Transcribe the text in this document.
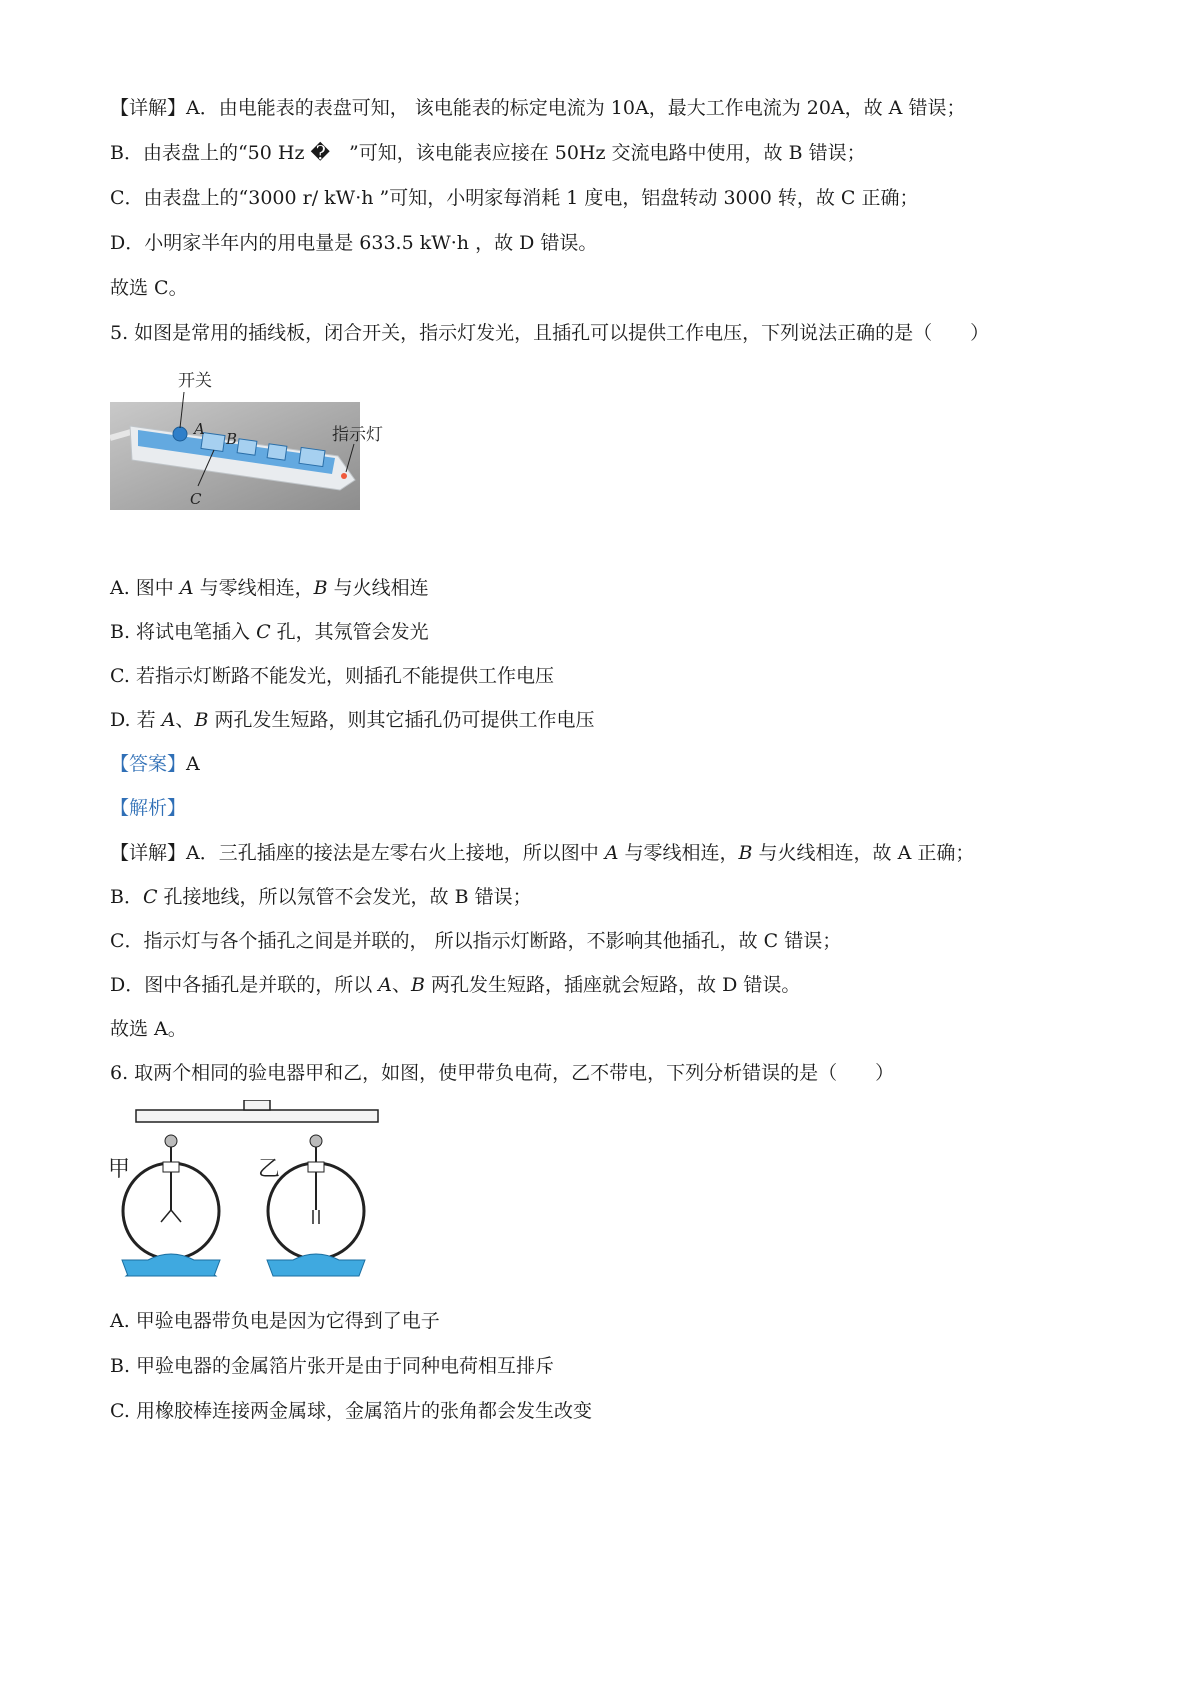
【详解】A．由电能表的表盘可知， 该电能表的标定电流为 10A，最大工作电流为 20A，故 A 错误；
B．由表盘上的“50 Hz �　”可知，该电能表应接在 50Hz 交流电路中使用，故 B 错误；
C．由表盘上的“3000 r/ kW·h ”可知，小明家每消耗 1 度电，铝盘转动 3000 转，故 C 正确；
D．小明家半年内的用电量是 633.5 kW·h ，故 D 错误。
故选 C。
5. 如图是常用的插线板，闭合开关，指示灯发光，且插孔可以提供工作电压，下列说法正确的是（　　）
开关
指示灯
A
B
C
A. 图中 A 与零线相连，B 与火线相连
B. 将试电笔插入 C 孔，其氖管会发光
C. 若指示灯断路不能发光，则插孔不能提供工作电压
D. 若 A、B 两孔发生短路，则其它插孔仍可提供工作电压
【答案】A
【解析】
【详解】A．三孔插座的接法是左零右火上接地，所以图中 A 与零线相连，B 与火线相连，故 A 正确；
B．C 孔接地线，所以氖管不会发光，故 B 错误；
C．指示灯与各个插孔之间是并联的， 所以指示灯断路，不影响其他插孔，故 C 错误；
D．图中各插孔是并联的，所以 A、B 两孔发生短路，插座就会短路，故 D 错误。
故选 A。
6. 取两个相同的验电器甲和乙，如图，使甲带负电荷，乙不带电，下列分析错误的是（　　）
甲	乙
A. 甲验电器带负电是因为它得到了电子
B. 甲验电器的金属箔片张开是由于同种电荷相互排斥
C. 用橡胶棒连接两金属球，金属箔片的张角都会发生改变
